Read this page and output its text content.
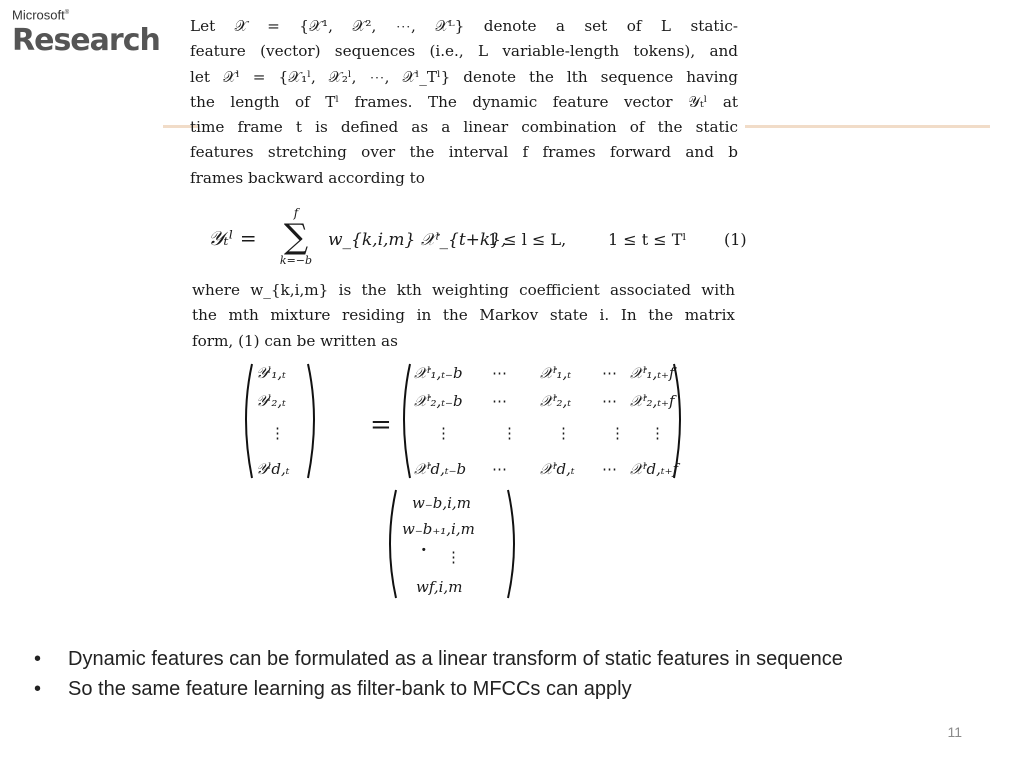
Microsoft®
Research	Let 𝒳 = {𝒳¹, 𝒳², ⋯, 𝒳ᴸ} denote a set of L static-
feature (vector) sequences (i.e., L variable-length tokens), and
let 𝒳ˡ = {𝒳₁ˡ, 𝒳₂ˡ, ⋯, 𝒳ˡ_Tˡ} denote the lth sequence having
the length of Tˡ frames. The dynamic feature vector 𝒴ₜˡ at
time frame t is defined as a linear combination of the static
features stretching over the interval f frames forward and b
frames backward according to
𝒴ₜˡ =
f
∑
k=−b
w_{k,i,m} 𝒳ˡ_{t+k},
1 ≤ l ≤ L,	1 ≤ t ≤ Tˡ (1)
where w_{k,i,m} is the kth weighting coefficient associated with
the mth mixture residing in the Markov state i. In the matrix
form, (1) can be written as
𝒴ˡ₁,ₜ
𝒴ˡ₂,ₜ
⋮
𝒴ˡd,ₜ
=
𝒳ˡ₁,ₜ₋b ⋯ 𝒳ˡ₁,ₜ ⋯ 𝒳ˡ₁,ₜ₊f
𝒳ˡ₂,ₜ₋b ⋯ 𝒳ˡ₂,ₜ ⋯ 𝒳ˡ₂,ₜ₊f
⋮	⋮	⋮	⋮ ⋮
𝒳ˡd,ₜ₋b ⋯ 𝒳ˡd,ₜ ⋯ 𝒳ˡd,ₜ₊f
·
w₋b,i,m
w₋b₊₁,i,m
⋮
wf,i,m
• Dynamic features can be formulated as a linear transform of static features in sequence
• So the same feature learning as filter-bank to MFCCs can apply
11
